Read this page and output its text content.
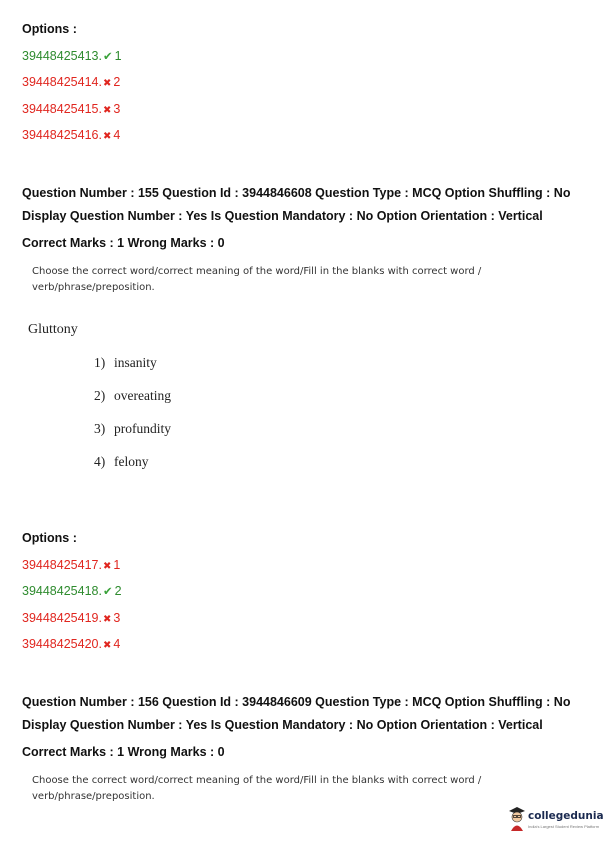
Options :
39448425413.✔ 1
39448425414.✖ 2
39448425415.✖ 3
39448425416.✖ 4
Question Number : 155 Question Id : 3944846608 Question Type : MCQ Option Shuffling : No
Display Question Number : Yes Is Question Mandatory : No Option Orientation : Vertical
Correct Marks : 1 Wrong Marks : 0
Choose the correct word/correct meaning of the word/Fill in the blanks with correct word /
verb/phrase/preposition.
Gluttony
1) insanity
2) overeating
3) profundity
4) felony
Options :
39448425417.✖ 1
39448425418.✔ 2
39448425419.✖ 3
39448425420.✖ 4
Question Number : 156 Question Id : 3944846609 Question Type : MCQ Option Shuffling : No
Display Question Number : Yes Is Question Mandatory : No Option Orientation : Vertical
Correct Marks : 1 Wrong Marks : 0
Choose the correct word/correct meaning of the word/Fill in the blanks with correct word /
verb/phrase/preposition.
collegedunia
India's Largest Student Review Platform
